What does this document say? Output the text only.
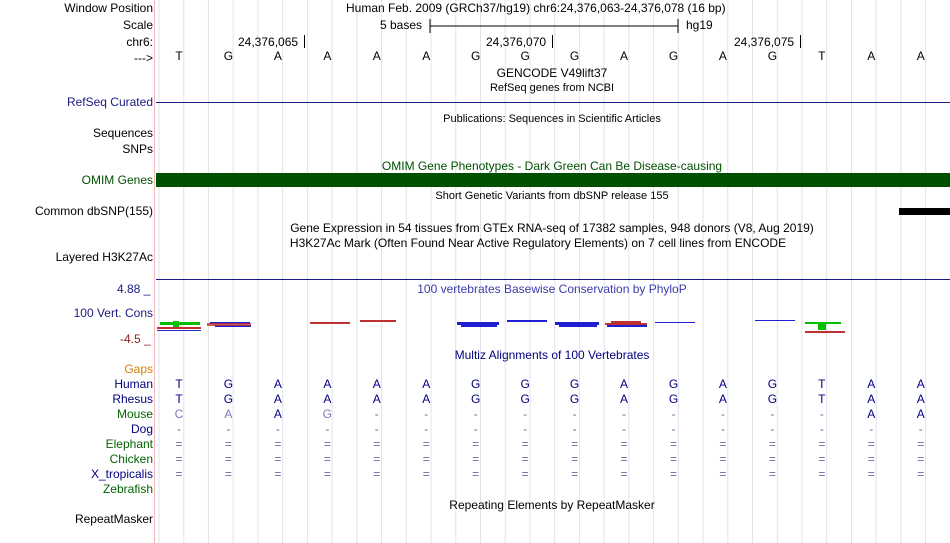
Window Position
Scale
chr6:
--->
Human Feb. 2009 (GRCh37/hg19) chr6:24,376,063-24,376,078 (16 bp)
5 bases	hg19
24,376,065	24,376,070	24,376,075
T	G	A	A	A	A	G	G	G	A	G	A	G	T	A	A
GENCODE V49lift37
RefSeq genes from NCBI
RefSeq Curated
Publications: Sequences in Scientific Articles
Sequences
SNPs
OMIM Gene Phenotypes - Dark Green Can Be Disease-causing
OMIM Genes
Short Genetic Variants from dbSNP release 155
Common dbSNP(155)
Gene Expression in 54 tissues from GTEx RNA-seq of 17382 samples, 948 donors (V8, Aug 2019)
H3K27Ac Mark (Often Found Near Active Regulatory Elements) on 7 cell lines from ENCODE
Layered H3K27Ac
4.88 _	100 vertebrates Basewise Conservation by PhyloP
100 Vert. Cons
-4.5 _
Multiz Alignments of 100 Vertebrates
Gaps
Human	T	G	A	A	A	A	G	G	G	A	G	A	G	T	A	A
Rhesus	T	G	A	A	A	A	G	G	G	A	G	A	G	T	A	A
Mouse	C	A	A	G	-	-	-	-	-	-	-	-	-	-	A	A
Dog	-	-	-	-	-	-	-	-	-	-	-	-	-	-	-	-
Elephant	=	=	=	=	=	=	=	=	=	=	=	=	=	=	=	=
Chicken	=	=	=	=	=	=	=	=	=	=	=	=	=	=	=	=
X_tropicalis	=	=	=	=	=	=	=	=	=	=	=	=	=	=	=	=
Zebrafish
Repeating Elements by RepeatMasker
RepeatMasker
